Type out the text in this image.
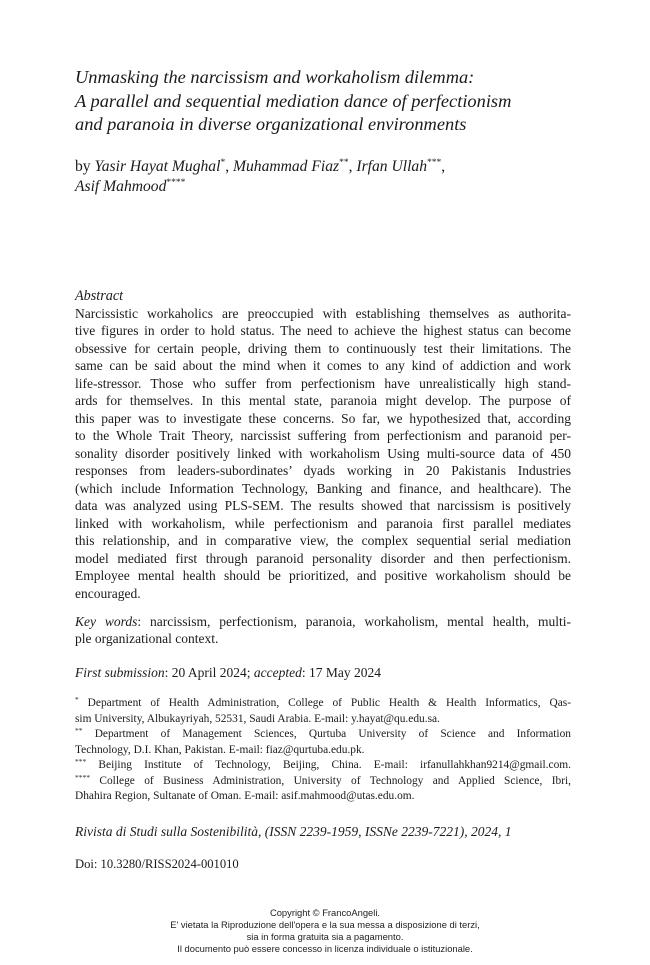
Unmasking the narcissism and workaholism dilemma:
A parallel and sequential mediation dance of perfectionism
and paranoia in diverse organizational environments
by Yasir Hayat Mughal*, Muhammad Fiaz**, Irfan Ullah***,
Asif Mahmood****
Abstract
Narcissistic workaholics are preoccupied with establishing themselves as authorita-
tive figures in order to hold status. The need to achieve the highest status can become
obsessive for certain people, driving them to continuously test their limitations. The
same can be said about the mind when it comes to any kind of addiction and work
life-stressor. Those who suffer from perfectionism have unrealistically high stand-
ards for themselves. In this mental state, paranoia might develop. The purpose of
this paper was to investigate these concerns. So far, we hypothesized that, according
to the Whole Trait Theory, narcissist suffering from perfectionism and paranoid per-
sonality disorder positively linked with workaholism Using multi-source data of 450
responses from leaders-subordinates’ dyads working in 20 Pakistanis Industries
(which include Information Technology, Banking and finance, and healthcare). The
data was analyzed using PLS-SEM. The results showed that narcissism is positively
linked with workaholism, while perfectionism and paranoia first parallel mediates
this relationship, and in comparative view, the complex sequential serial mediation
model mediated first through paranoid personality disorder and then perfectionism.
Employee mental health should be prioritized, and positive workaholism should be
encouraged.
Key words: narcissism, perfectionism, paranoia, workaholism, mental health, multi-
ple organizational context.
First submission: 20 April 2024; accepted: 17 May 2024
* Department of Health Administration, College of Public Health & Health Informatics, Qas-
sim University, Albukayriyah, 52531, Saudi Arabia. E-mail: y.hayat@qu.edu.sa.
** Department of Management Sciences, Qurtuba University of Science and Information
Technology, D.I. Khan, Pakistan. E-mail: fiaz@qurtuba.edu.pk.
*** Beijing Institute of Technology, Beijing, China. E-mail: irfanullahkhan9214@gmail.com.
**** College of Business Administration, University of Technology and Applied Science, Ibri,
Dhahira Region, Sultanate of Oman. E-mail: asif.mahmood@utas.edu.om.
Rivista di Studi sulla Sostenibilità, (ISSN 2239-1959, ISSNe 2239-7221), 2024, 1
Doi: 10.3280/RISS2024-001010
Copyright © FrancoAngeli.
E' vietata la Riproduzione dell'opera e la sua messa a disposizione di terzi,
sia in forma gratuita sia a pagamento.
Il documento può essere concesso in licenza individuale o istituzionale.
